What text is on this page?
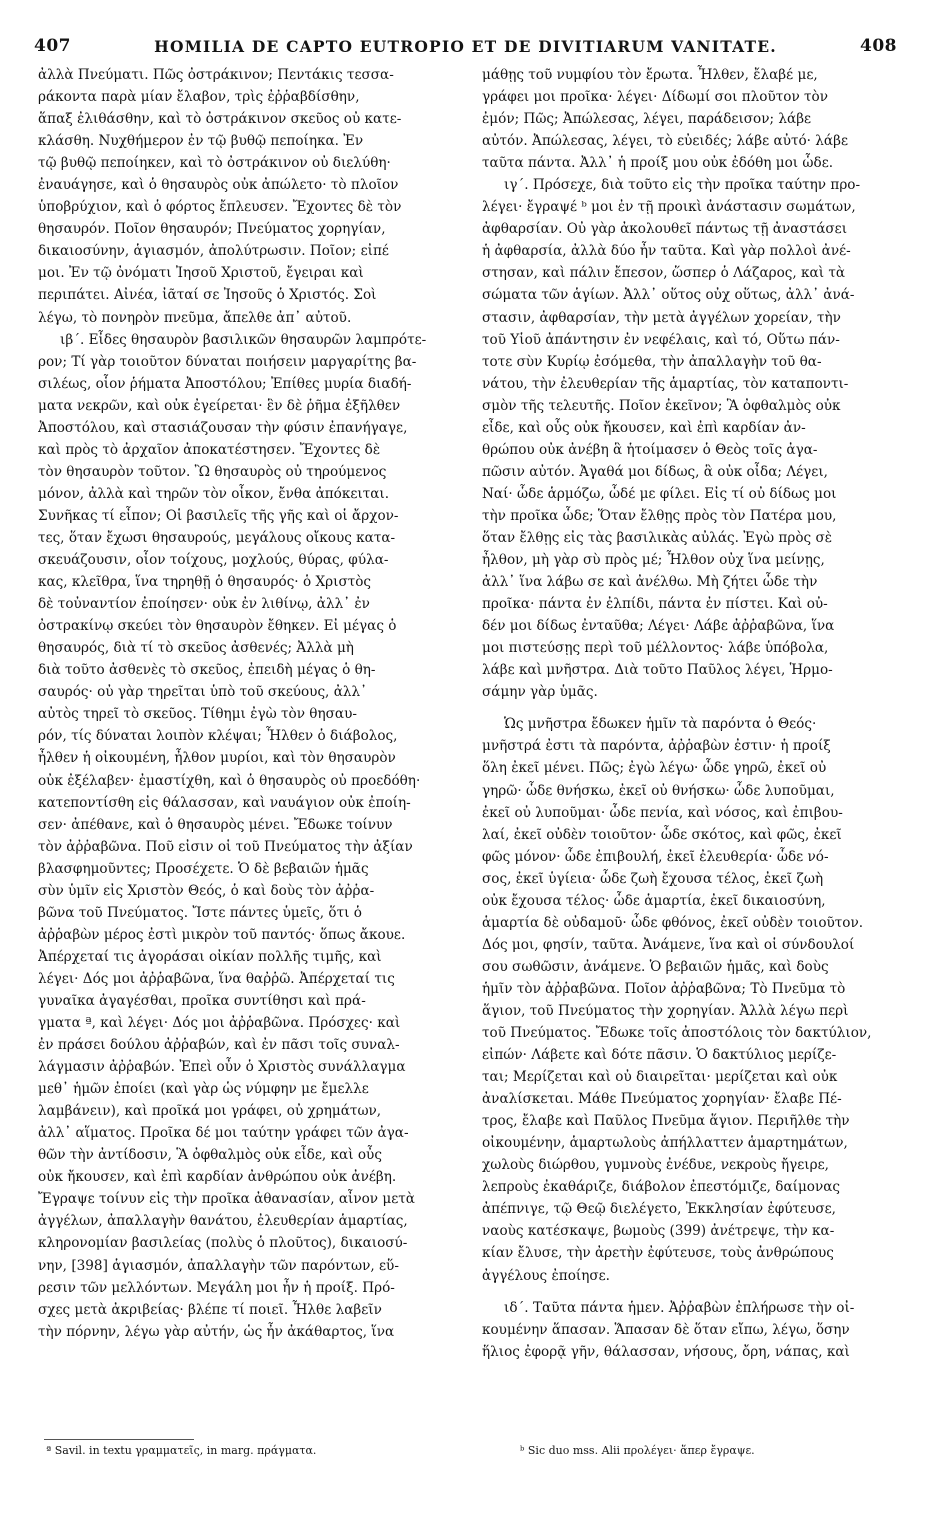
407	HOMILIA DE CAPTO EUTROPIO ET DE DIVITIARUM VANITATE.	408
ἀλλὰ Πνεύματι. Πῶς ὀστράκινον; Πεντάκις τεσσα-
ράκοντα παρὰ μίαν ἔλαβον, τρὶς ἐῤῥαβδίσθην,
ἅπαξ ἐλιθάσθην, καὶ τὸ ὀστράκινον σκεῦος οὐ κατε-
κλάσθη. Νυχθήμερον ἐν τῷ βυθῷ πεποίηκα. Ἐν
τῷ βυθῷ πεποίηκεν, καὶ τὸ ὀστράκινον οὐ διελύθη·
ἐναυάγησε, καὶ ὁ θησαυρὸς οὐκ ἀπώλετο· τὸ πλοῖον
ὑποβρύχιον, καὶ ὁ φόρτος ἔπλευσεν. Ἔχοντες δὲ τὸν
θησαυρόν. Ποῖον θησαυρόν; Πνεύματος χορηγίαν,
δικαιοσύνην, ἁγιασμόν, ἀπολύτρωσιν. Ποῖον; εἰπέ
μοι. Ἐν τῷ ὀνόματι Ἰησοῦ Χριστοῦ, ἔγειραι καὶ
περιπάτει. Αἰνέα, ἰᾶταί σε Ἰησοῦς ὁ Χριστός. Σοὶ
λέγω, τὸ πονηρὸν πνεῦμα, ἄπελθε ἀπ᾽ αὐτοῦ.
ιβ΄. Εἶδες θησαυρὸν βασιλικῶν θησαυρῶν λαμπρότε-
ρον; Τί γὰρ τοιοῦτον δύναται ποιήσειν μαργαρίτης βα-
σιλέως, οἷον ῥήματα Ἀποστόλου; Ἐπίθες μυρία διαδή-
ματα νεκρῶν, καὶ οὐκ ἐγείρεται· ἓν δὲ ῥῆμα ἐξῆλθεν
Ἀποστόλου, καὶ στασιάζουσαν τὴν φύσιν ἐπανήγαγε,
καὶ πρὸς τὸ ἀρχαῖον ἀποκατέστησεν. Ἔχοντες δὲ
τὸν θησαυρὸν τοῦτον. Ὢ θησαυρὸς οὐ τηρούμενος
μόνον, ἀλλὰ καὶ τηρῶν τὸν οἶκον, ἔνθα ἀπόκειται.
Συνῆκας τί εἶπον; Οἱ βασιλεῖς τῆς γῆς καὶ οἱ ἄρχον-
τες, ὅταν ἔχωσι θησαυρούς, μεγάλους οἴκους κατα-
σκευάζουσιν, οἷον τοίχους, μοχλούς, θύρας, φύλα-
κας, κλεῖθρα, ἵνα τηρηθῇ ὁ θησαυρός· ὁ Χριστὸς
δὲ τοὐναντίον ἐποίησεν· οὐκ ἐν λιθίνῳ, ἀλλ᾽ ἐν
ὀστρακίνῳ σκεύει τὸν θησαυρὸν ἔθηκεν. Εἰ μέγας ὁ
θησαυρός, διὰ τί τὸ σκεῦος ἀσθενές; Ἀλλὰ μὴ
διὰ τοῦτο ἀσθενὲς τὸ σκεῦος, ἐπειδὴ μέγας ὁ θη-
σαυρός· οὐ γὰρ τηρεῖται ὑπὸ τοῦ σκεύους, ἀλλ᾽
αὐτὸς τηρεῖ τὸ σκεῦος. Τίθημι ἐγὼ τὸν θησαυ-
ρόν, τίς δύναται λοιπὸν κλέψαι; Ἦλθεν ὁ διάβολος,
ἦλθεν ἡ οἰκουμένη, ἦλθον μυρίοι, καὶ τὸν θησαυρὸν
οὐκ ἐξέλαβεν· ἐμαστίχθη, καὶ ὁ θησαυρὸς οὐ προεδόθη·
κατεποντίσθη εἰς θάλασσαν, καὶ ναυάγιον οὐκ ἐποίη-
σεν· ἀπέθανε, καὶ ὁ θησαυρὸς μένει. Ἔδωκε τοίνυν
τὸν ἀῤῥαβῶνα. Ποῦ εἰσιν οἱ τοῦ Πνεύματος τὴν ἀξίαν
βλασφημοῦντες; Προσέχετε. Ὁ δὲ βεβαιῶν ἡμᾶς
σὺν ὑμῖν εἰς Χριστὸν Θεός, ὁ καὶ δοὺς τὸν ἀῤῥα-
βῶνα τοῦ Πνεύματος. Ἴστε πάντες ὑμεῖς, ὅτι ὁ
ἀῤῥαβὼν μέρος ἐστὶ μικρὸν τοῦ παντός· ὅπως ἄκουε.
Ἀπέρχεταί τις ἀγοράσαι οἰκίαν πολλῆς τιμῆς, καὶ
λέγει· Δός μοι ἀῤῥαβῶνα, ἵνα θαῤῥῶ. Ἀπέρχεταί τις
γυναῖκα ἀγαγέσθαι, προῖκα συντίθησι καὶ πρά-
γματα ª, καὶ λέγει· Δός μοι ἀῤῥαβῶνα. Πρόσχες· καὶ
ἐν πράσει δούλου ἀῤῥαβών, καὶ ἐν πᾶσι τοῖς συναλ-
λάγμασιν ἀῤῥαβών. Ἐπεὶ οὖν ὁ Χριστὸς συνάλλαγμα
μεθ᾽ ἡμῶν ἐποίει (καὶ γὰρ ὡς νύμφην με ἔμελλε
λαμβάνειν), καὶ προῖκά μοι γράφει, οὐ χρημάτων,
ἀλλ᾽ αἵματος. Προῖκα δέ μοι ταύτην γράφει τῶν ἀγα-
θῶν τὴν ἀντίδοσιν, Ἃ ὀφθαλμὸς οὐκ εἶδε, καὶ οὖς
οὐκ ἤκουσεν, καὶ ἐπὶ καρδίαν ἀνθρώπου οὐκ ἀνέβη.
Ἔγραψε τοίνυν εἰς τὴν προῖκα ἀθανασίαν, αἶνον μετὰ
ἀγγέλων, ἀπαλλαγὴν θανάτου, ἐλευθερίαν ἁμαρτίας,
κληρονομίαν βασιλείας (πολὺς ὁ πλοῦτος), δικαιοσύ-
νην, [398] ἁγιασμόν, ἀπαλλαγὴν τῶν παρόντων, εὕ-
ρεσιν τῶν μελλόντων. Μεγάλη μοι ἦν ἡ προίξ. Πρό-
σχες μετὰ ἀκριβείας· βλέπε τί ποιεῖ. Ἦλθε λαβεῖν
τὴν πόρνην, λέγω γὰρ αὐτήν, ὡς ἦν ἀκάθαρτος, ἵνα
μάθῃς τοῦ νυμφίου τὸν ἔρωτα. Ἦλθεν, ἔλαβέ με,
γράφει μοι προῖκα· λέγει· Δίδωμί σοι πλοῦτον τὸν
ἐμόν; Πῶς; Ἀπώλεσας, λέγει, παράδεισον; λάβε
αὐτόν. Ἀπώλεσας, λέγει, τὸ εὐειδές; λάβε αὐτό· λάβε
ταῦτα πάντα. Ἀλλ᾽ ἡ προίξ μου οὐκ ἐδόθη μοι ὧδε.
ιγ΄. Πρόσεχε, διὰ τοῦτο εἰς τὴν προῖκα ταύτην προ-
λέγει· ἔγραψέ ᵇ μοι ἐν τῇ προικὶ ἀνάστασιν σωμάτων,
ἀφθαρσίαν. Οὐ γὰρ ἀκολουθεῖ πάντως τῇ ἀναστάσει
ἡ ἀφθαρσία, ἀλλὰ δύο ἦν ταῦτα. Καὶ γὰρ πολλοὶ ἀνέ-
στησαν, καὶ πάλιν ἔπεσον, ὥσπερ ὁ Λάζαρος, καὶ τὰ
σώματα τῶν ἁγίων. Ἀλλ᾽ οὕτος οὐχ οὕτως, ἀλλ᾽ ἀνά-
στασιν, ἀφθαρσίαν, τὴν μετὰ ἀγγέλων χορείαν, τὴν
τοῦ Υἱοῦ ἀπάντησιν ἐν νεφέλαις, καὶ τό, Οὕτω πάν-
τοτε σὺν Κυρίῳ ἐσόμεθα, τὴν ἀπαλλαγὴν τοῦ θα-
νάτου, τὴν ἐλευθερίαν τῆς ἁμαρτίας, τὸν καταποντι-
σμὸν τῆς τελευτῆς. Ποῖον ἐκεῖνον; Ἃ ὀφθαλμὸς οὐκ
εἶδε, καὶ οὖς οὐκ ἤκουσεν, καὶ ἐπὶ καρδίαν ἀν-
θρώπου οὐκ ἀνέβη ἃ ἡτοίμασεν ὁ Θεὸς τοῖς ἀγα-
πῶσιν αὐτόν. Ἀγαθά μοι δίδως, ἃ οὐκ οἶδα; Λέγει,
Ναί· ὧδε ἁρμόζω, ὧδέ με φίλει. Εἰς τί οὐ δίδως μοι
τὴν προῖκα ὧδε; Ὅταν ἔλθῃς πρὸς τὸν Πατέρα μου,
ὅταν ἔλθῃς εἰς τὰς βασιλικὰς αὐλάς. Ἐγὼ πρὸς σὲ
ἦλθον, μὴ γὰρ σὺ πρὸς μέ; Ἦλθον οὐχ ἵνα μείνῃς,
ἀλλ᾽ ἵνα λάβω σε καὶ ἀνέλθω. Μὴ ζήτει ὧδε τὴν
προῖκα· πάντα ἐν ἐλπίδι, πάντα ἐν πίστει. Καὶ οὐ-
δέν μοι δίδως ἐνταῦθα; Λέγει· Λάβε ἀῤῥαβῶνα, ἵνα
μοι πιστεύσῃς περὶ τοῦ μέλλοντος· λάβε ὑπόβολα,
λάβε καὶ μνῆστρα. Διὰ τοῦτο Παῦλος λέγει, Ἡρμο-
σάμην γὰρ ὑμᾶς.
Ὡς μνῆστρα ἔδωκεν ἡμῖν τὰ παρόντα ὁ Θεός·
μνῆστρά ἐστι τὰ παρόντα, ἀῤῥαβὼν ἐστιν· ἡ προίξ
ὅλη ἐκεῖ μένει. Πῶς; ἐγὼ λέγω· ὧδε γηρῶ, ἐκεῖ οὐ
γηρῶ· ὧδε θνήσκω, ἐκεῖ οὐ θνήσκω· ὧδε λυποῦμαι,
ἐκεῖ οὐ λυποῦμαι· ὧδε πενία, καὶ νόσος, καὶ ἐπιβου-
λαί, ἐκεῖ οὐδὲν τοιοῦτον· ὧδε σκότος, καὶ φῶς, ἐκεῖ
φῶς μόνον· ὧδε ἐπιβουλή, ἐκεῖ ἐλευθερία· ὧδε νό-
σος, ἐκεῖ ὑγίεια· ὧδε ζωὴ ἔχουσα τέλος, ἐκεῖ ζωὴ
οὐκ ἔχουσα τέλος· ὧδε ἁμαρτία, ἐκεῖ δικαιοσύνη,
ἁμαρτία δὲ οὐδαμοῦ· ὧδε φθόνος, ἐκεῖ οὐδὲν τοιοῦτον.
Δός μοι, φησίν, ταῦτα. Ἀνάμενε, ἵνα καὶ οἱ σύνδουλοί
σου σωθῶσιν, ἀνάμενε. Ὁ βεβαιῶν ἡμᾶς, καὶ δοὺς
ἡμῖν τὸν ἀῤῥαβῶνα. Ποῖον ἀῤῥαβῶνα; Τὸ Πνεῦμα τὸ
ἅγιον, τοῦ Πνεύματος τὴν χορηγίαν. Ἀλλὰ λέγω περὶ
τοῦ Πνεύματος. Ἔδωκε τοῖς ἀποστόλοις τὸν δακτύλιον,
εἰπών· Λάβετε καὶ δότε πᾶσιν. Ὁ δακτύλιος μερίζε-
ται; Μερίζεται καὶ οὐ διαιρεῖται· μερίζεται καὶ οὐκ
ἀναλίσκεται. Μάθε Πνεύματος χορηγίαν· ἔλαβε Πέ-
τρος, ἔλαβε καὶ Παῦλος Πνεῦμα ἅγιον. Περιῆλθε τὴν
οἰκουμένην, ἁμαρτωλοὺς ἀπήλλαττεν ἁμαρτημάτων,
χωλοὺς διώρθου, γυμνοὺς ἐνέδυε, νεκροὺς ἤγειρε,
λεπροὺς ἐκαθάριζε, διάβολον ἐπεστόμιζε, δαίμονας
ἀπέπνιγε, τῷ Θεῷ διελέγετο, Ἐκκλησίαν ἐφύτευσε,
ναοὺς κατέσκαψε, βωμοὺς (399) ἀνέτρεψε, τὴν κα-
κίαν ἔλυσε, τὴν ἀρετὴν ἐφύτευσε, τοὺς ἀνθρώπους
ἀγγέλους ἐποίησε.
ιδ΄. Ταῦτα πάντα ἡμεν. Ἀῤῥαβὼν ἐπλήρωσε τὴν οἰ-
κουμένην ἅπασαν. Ἅπασαν δὲ ὅταν εἴπω, λέγω, ὅσην
ἥλιος ἐφορᾷ γῆν, θάλασσαν, νήσους, ὄρη, νάπας, καὶ
ª Savil. in textu γραμματεῖς, in marg. πράγματα.	ᵇ Sic duo mss. Alii προλέγει· ἅπερ ἔγραψε.
